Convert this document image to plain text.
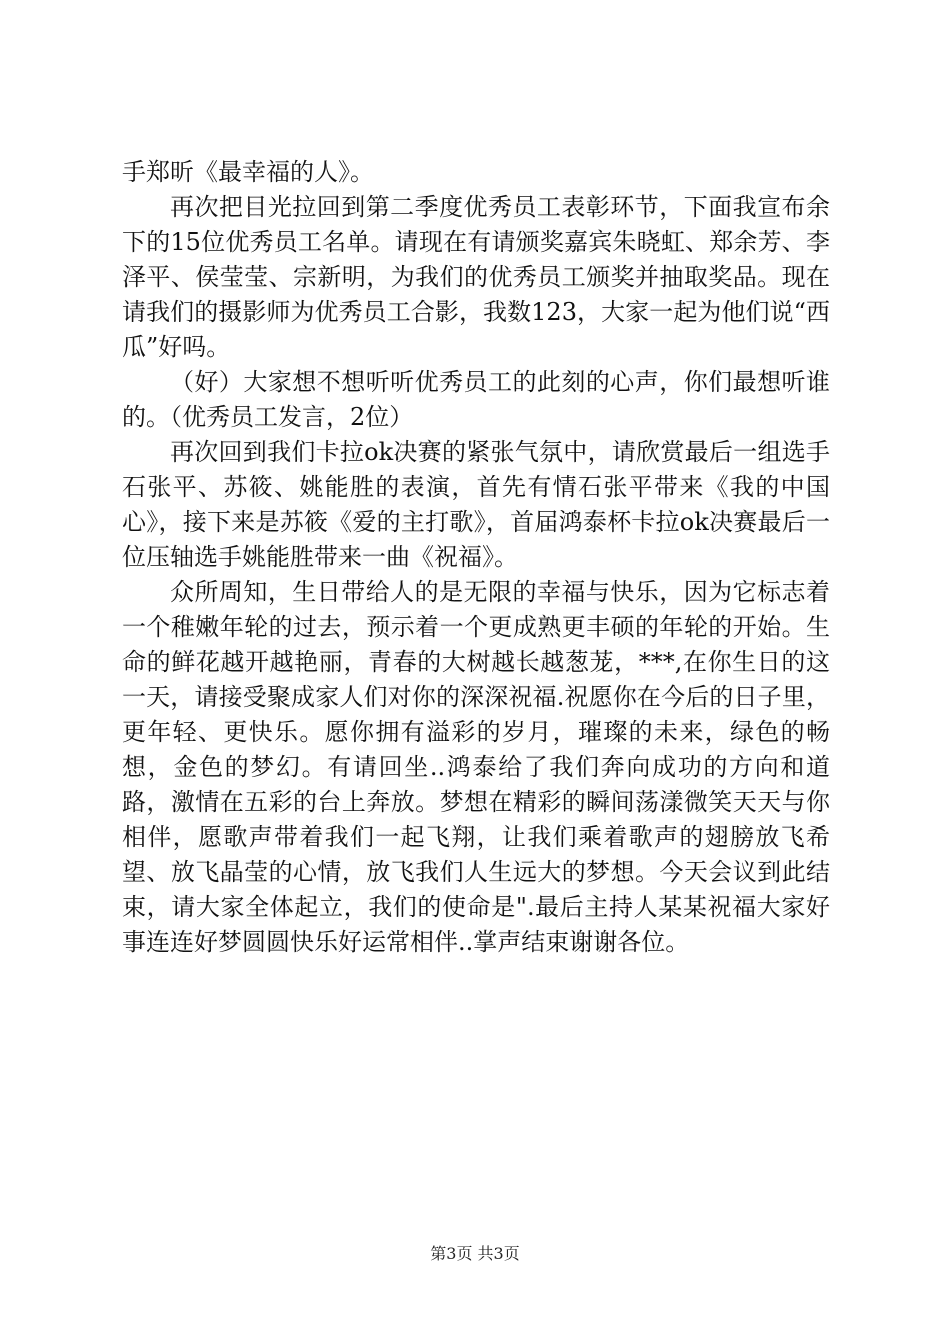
手郑昕《最幸福的人》。

再次把目光拉回到第二季度优秀员工表彰环节，下面我宣布余下的15位优秀员工名单。请现在有请颁奖嘉宾朱晓虹、郑余芳、李泽平、侯莹莹、宗新明，为我们的优秀员工颁奖并抽取奖品。现在请我们的摄影师为优秀员工合影，我数123，大家一起为他们说“西瓜”好吗。

（好）大家想不想听听优秀员工的此刻的心声，你们最想听谁的。（优秀员工发言，2位）

再次回到我们卡拉ok决赛的紧张气氛中，请欣赏最后一组选手石张平、苏筱、姚能胜的表演，首先有情石张平带来《我的中国心》，接下来是苏筱《爱的主打歌》，首届鸿泰杯卡拉ok决赛最后一位压轴选手姚能胜带来一曲《祝福》。

众所周知，生日带给人的是无限的幸福与快乐，因为它标志着一个稚嫩年轮的过去，预示着一个更成熟更丰硕的年轮的开始。生命的鲜花越开越艳丽，青春的大树越长越葱茏，***,在你生日的这一天，请接受聚成家人们对你的深深祝福.祝愿你在今后的日子里，更年轻、更快乐。愿你拥有溢彩的岁月，璀璨的未来，绿色的畅想，金色的梦幻。有请回坐..鸿泰给了我们奔向成功的方向和道路，激情在五彩的台上奔放。梦想在精彩的瞬间荡漾微笑天天与你相伴，愿歌声带着我们一起飞翔，让我们乘着歌声的翅膀放飞希望、放飞晶莹的心情，放飞我们人生远大的梦想。今天会议到此结束，请大家全体起立，我们的使命是".最后主持人某某祝福大家好事连连好梦圆圆快乐好运常相伴..掌声结束谢谢各位。

第3页 共3页
